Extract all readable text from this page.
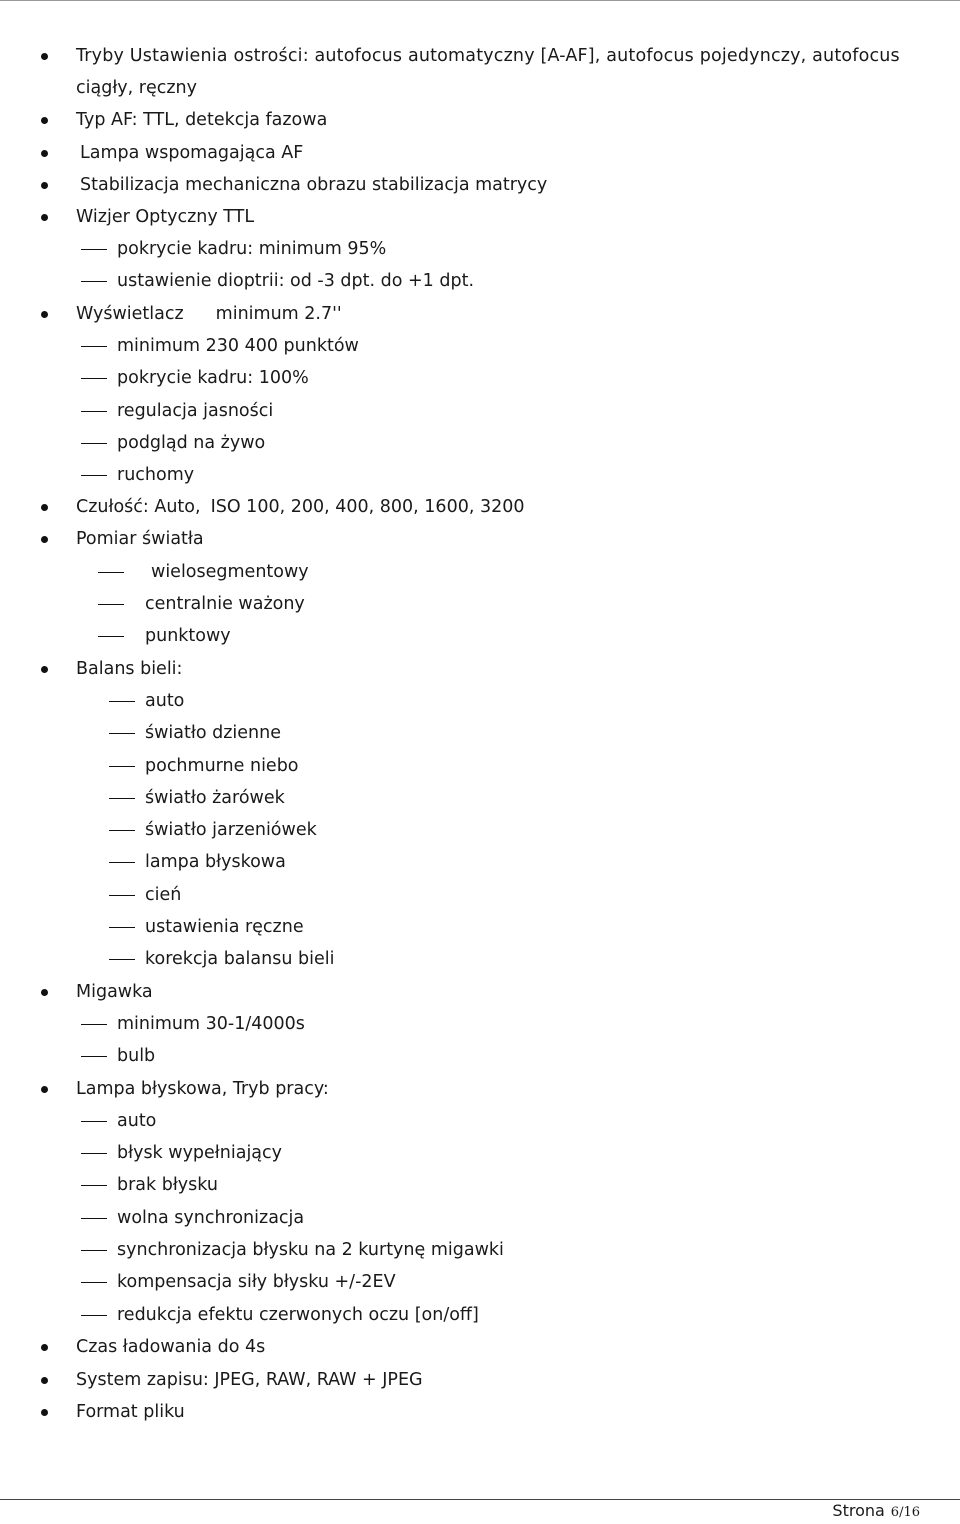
Tryby Ustawienia ostrości: autofocus automatyczny [A-AF], autofocus pojedynczy, autofocus
ciągły, ręczny
Typ AF: TTL, detekcja fazowa
Lampa wspomagająca AF
Stabilizacja mechaniczna obrazu stabilizacja matrycy
Wizjer Optyczny TTL
pokrycie kadru: minimum 95%
ustawienie dioptrii: od -3 dpt. do +1 dpt.
Wyświetlacz minimum 2.7''
minimum 230 400 punktów
pokrycie kadru: 100%
regulacja jasności
podgląd na żywo
ruchomy
Czułość: Auto, ISO 100, 200, 400, 800, 1600, 3200
Pomiar światła
wielosegmentowy
centralnie ważony
punktowy
Balans bieli:
auto
światło dzienne
pochmurne niebo
światło żarówek
światło jarzeniówek
lampa błyskowa
cień
ustawienia ręczne
korekcja balansu bieli
Migawka
minimum 30-1/4000s
bulb
Lampa błyskowa, Tryb pracy:
auto
błysk wypełniający
brak błysku
wolna synchronizacja
synchronizacja błysku na 2 kurtynę migawki
kompensacja siły błysku +/-2EV
redukcja efektu czerwonych oczu [on/off]
Czas ładowania do 4s
System zapisu: JPEG, RAW, RAW + JPEG
Format pliku
Strona 6/16
